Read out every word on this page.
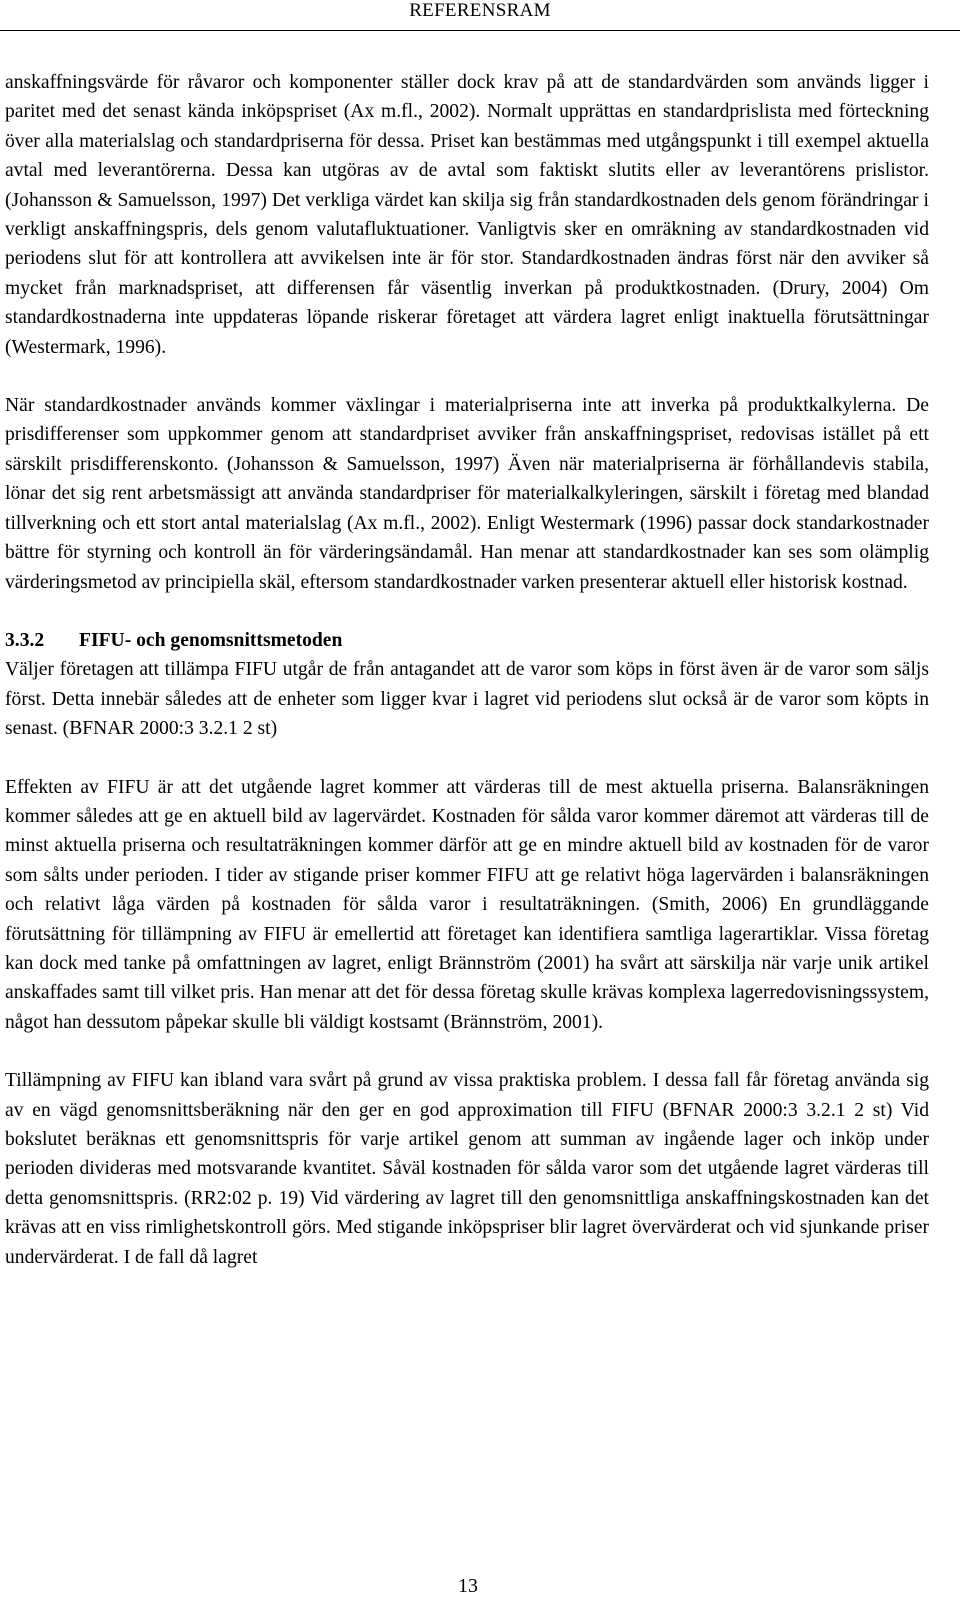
REFERENSRAM

anskaffningsvärde för råvaror och komponenter ställer dock krav på att de standardvärden som används ligger i paritet med det senast kända inköpspriset (Ax m.fl., 2002). Normalt upprättas en standardprislista med förteckning över alla materialslag och standardpriserna för dessa. Priset kan bestämmas med utgångspunkt i till exempel aktuella avtal med leverantörerna. Dessa kan utgöras av de avtal som faktiskt slutits eller av leverantörens prislistor. (Johansson & Samuelsson, 1997) Det verkliga värdet kan skilja sig från standardkostnaden dels genom förändringar i verkligt anskaffningspris, dels genom valutafluktuationer. Vanligtvis sker en omräkning av standardkostnaden vid periodens slut för att kontrollera att avvikelsen inte är för stor. Standardkostnaden ändras först när den avviker så mycket från marknadspriset, att differensen får väsentlig inverkan på produktkostnaden. (Drury, 2004) Om standardkostnaderna inte uppdateras löpande riskerar företaget att värdera lagret enligt inaktuella förutsättningar (Westermark, 1996).

När standardkostnader används kommer växlingar i materialpriserna inte att inverka på produktkalkylerna. De prisdifferenser som uppkommer genom att standardpriset avviker från anskaffningspriset, redovisas istället på ett särskilt prisdifferenskonto. (Johansson & Samuelsson, 1997) Även när materialpriserna är förhållandevis stabila, lönar det sig rent arbetsmässigt att använda standardpriser för materialkalkyleringen, särskilt i företag med blandad tillverkning och ett stort antal materialslag (Ax m.fl., 2002). Enligt Westermark (1996) passar dock standarkostnader bättre för styrning och kontroll än för värderingsändamål. Han menar att standardkostnader kan ses som olämplig värderingsmetod av principiella skäl, eftersom standardkostnader varken presenterar aktuell eller historisk kostnad.

3.3.2	FIFU- och genomsnittsmetoden

Väljer företagen att tillämpa FIFU utgår de från antagandet att de varor som köps in först även är de varor som säljs först. Detta innebär således att de enheter som ligger kvar i lagret vid periodens slut också är de varor som köpts in senast. (BFNAR 2000:3 3.2.1 2 st)

Effekten av FIFU är att det utgående lagret kommer att värderas till de mest aktuella priserna. Balansräkningen kommer således att ge en aktuell bild av lagervärdet. Kostnaden för sålda varor kommer däremot att värderas till de minst aktuella priserna och resultaträkningen kommer därför att ge en mindre aktuell bild av kostnaden för de varor som sålts under perioden. I tider av stigande priser kommer FIFU att ge relativt höga lagervärden i balansräkningen och relativt låga värden på kostnaden för sålda varor i resultaträkningen. (Smith, 2006) En grundläggande förutsättning för tillämpning av FIFU är emellertid att företaget kan identifiera samtliga lagerartiklar. Vissa företag kan dock med tanke på omfattningen av lagret, enligt Brännström (2001) ha svårt att särskilja när varje unik artikel anskaffades samt till vilket pris. Han menar att det för dessa företag skulle krävas komplexa lagerredovisningssystem, något han dessutom påpekar skulle bli väldigt kostsamt (Brännström, 2001).

Tillämpning av FIFU kan ibland vara svårt på grund av vissa praktiska problem. I dessa fall får företag använda sig av en vägd genomsnittsberäkning när den ger en god approximation till FIFU (BFNAR 2000:3 3.2.1 2 st) Vid bokslutet beräknas ett genomsnittspris för varje artikel genom att summan av ingående lager och inköp under perioden divideras med motsvarande kvantitet. Såväl kostnaden för sålda varor som det utgående lagret värderas till detta genomsnittspris. (RR2:02 p. 19) Vid värdering av lagret till den genomsnittliga anskaffningskostnaden kan det krävas att en viss rimlighetskontroll görs. Med stigande inköpspriser blir lagret övervärderat och vid sjunkande priser undervärderat. I de fall då lagret

13
